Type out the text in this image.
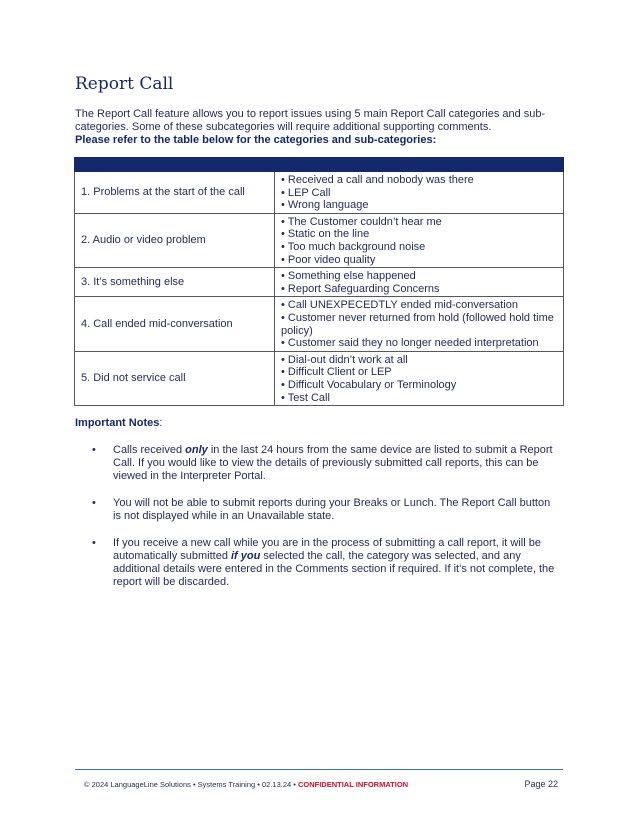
Report Call

The Report Call feature allows you to report issues using 5 main Report Call categories and sub-categories. Some of these subcategories will require additional supporting comments.

Please refer to the table below for the categories and sub-categories:

1. Problems at the start of the call	• Received a call and nobody was there
• LEP Call
• Wrong language

2. Audio or video problem	• The Customer couldn’t hear me
• Static on the line
• Too much background noise
• Poor video quality

3. It’s something else	• Something else happened
• Report Safeguarding Concerns

4. Call ended mid-conversation	• Call UNEXPECEDTLY ended mid-conversation
• Customer never returned from hold (followed hold time policy)
• Customer said they no longer needed interpretation

5. Did not service call	• Dial-out didn’t work at all
• Difficult Client or LEP
• Difficult Vocabulary or Terminology
• Test Call

Important Notes:

• Calls received only in the last 24 hours from the same device are listed to submit a Report Call. If you would like to view the details of previously submitted call reports, this can be viewed in the Interpreter Portal.
• You will not be able to submit reports during your Breaks or Lunch. The Report Call button is not displayed while in an Unavailable state.
• If you receive a new call while you are in the process of submitting a call report, it will be automatically submitted if you selected the call, the category was selected, and any additional details were entered in the Comments section if required. If it’s not complete, the report will be discarded.
© 2024 LanguageLine Solutions • Systems Training • 02.13.24 • CONFIDENTIAL INFORMATION	Page 22
